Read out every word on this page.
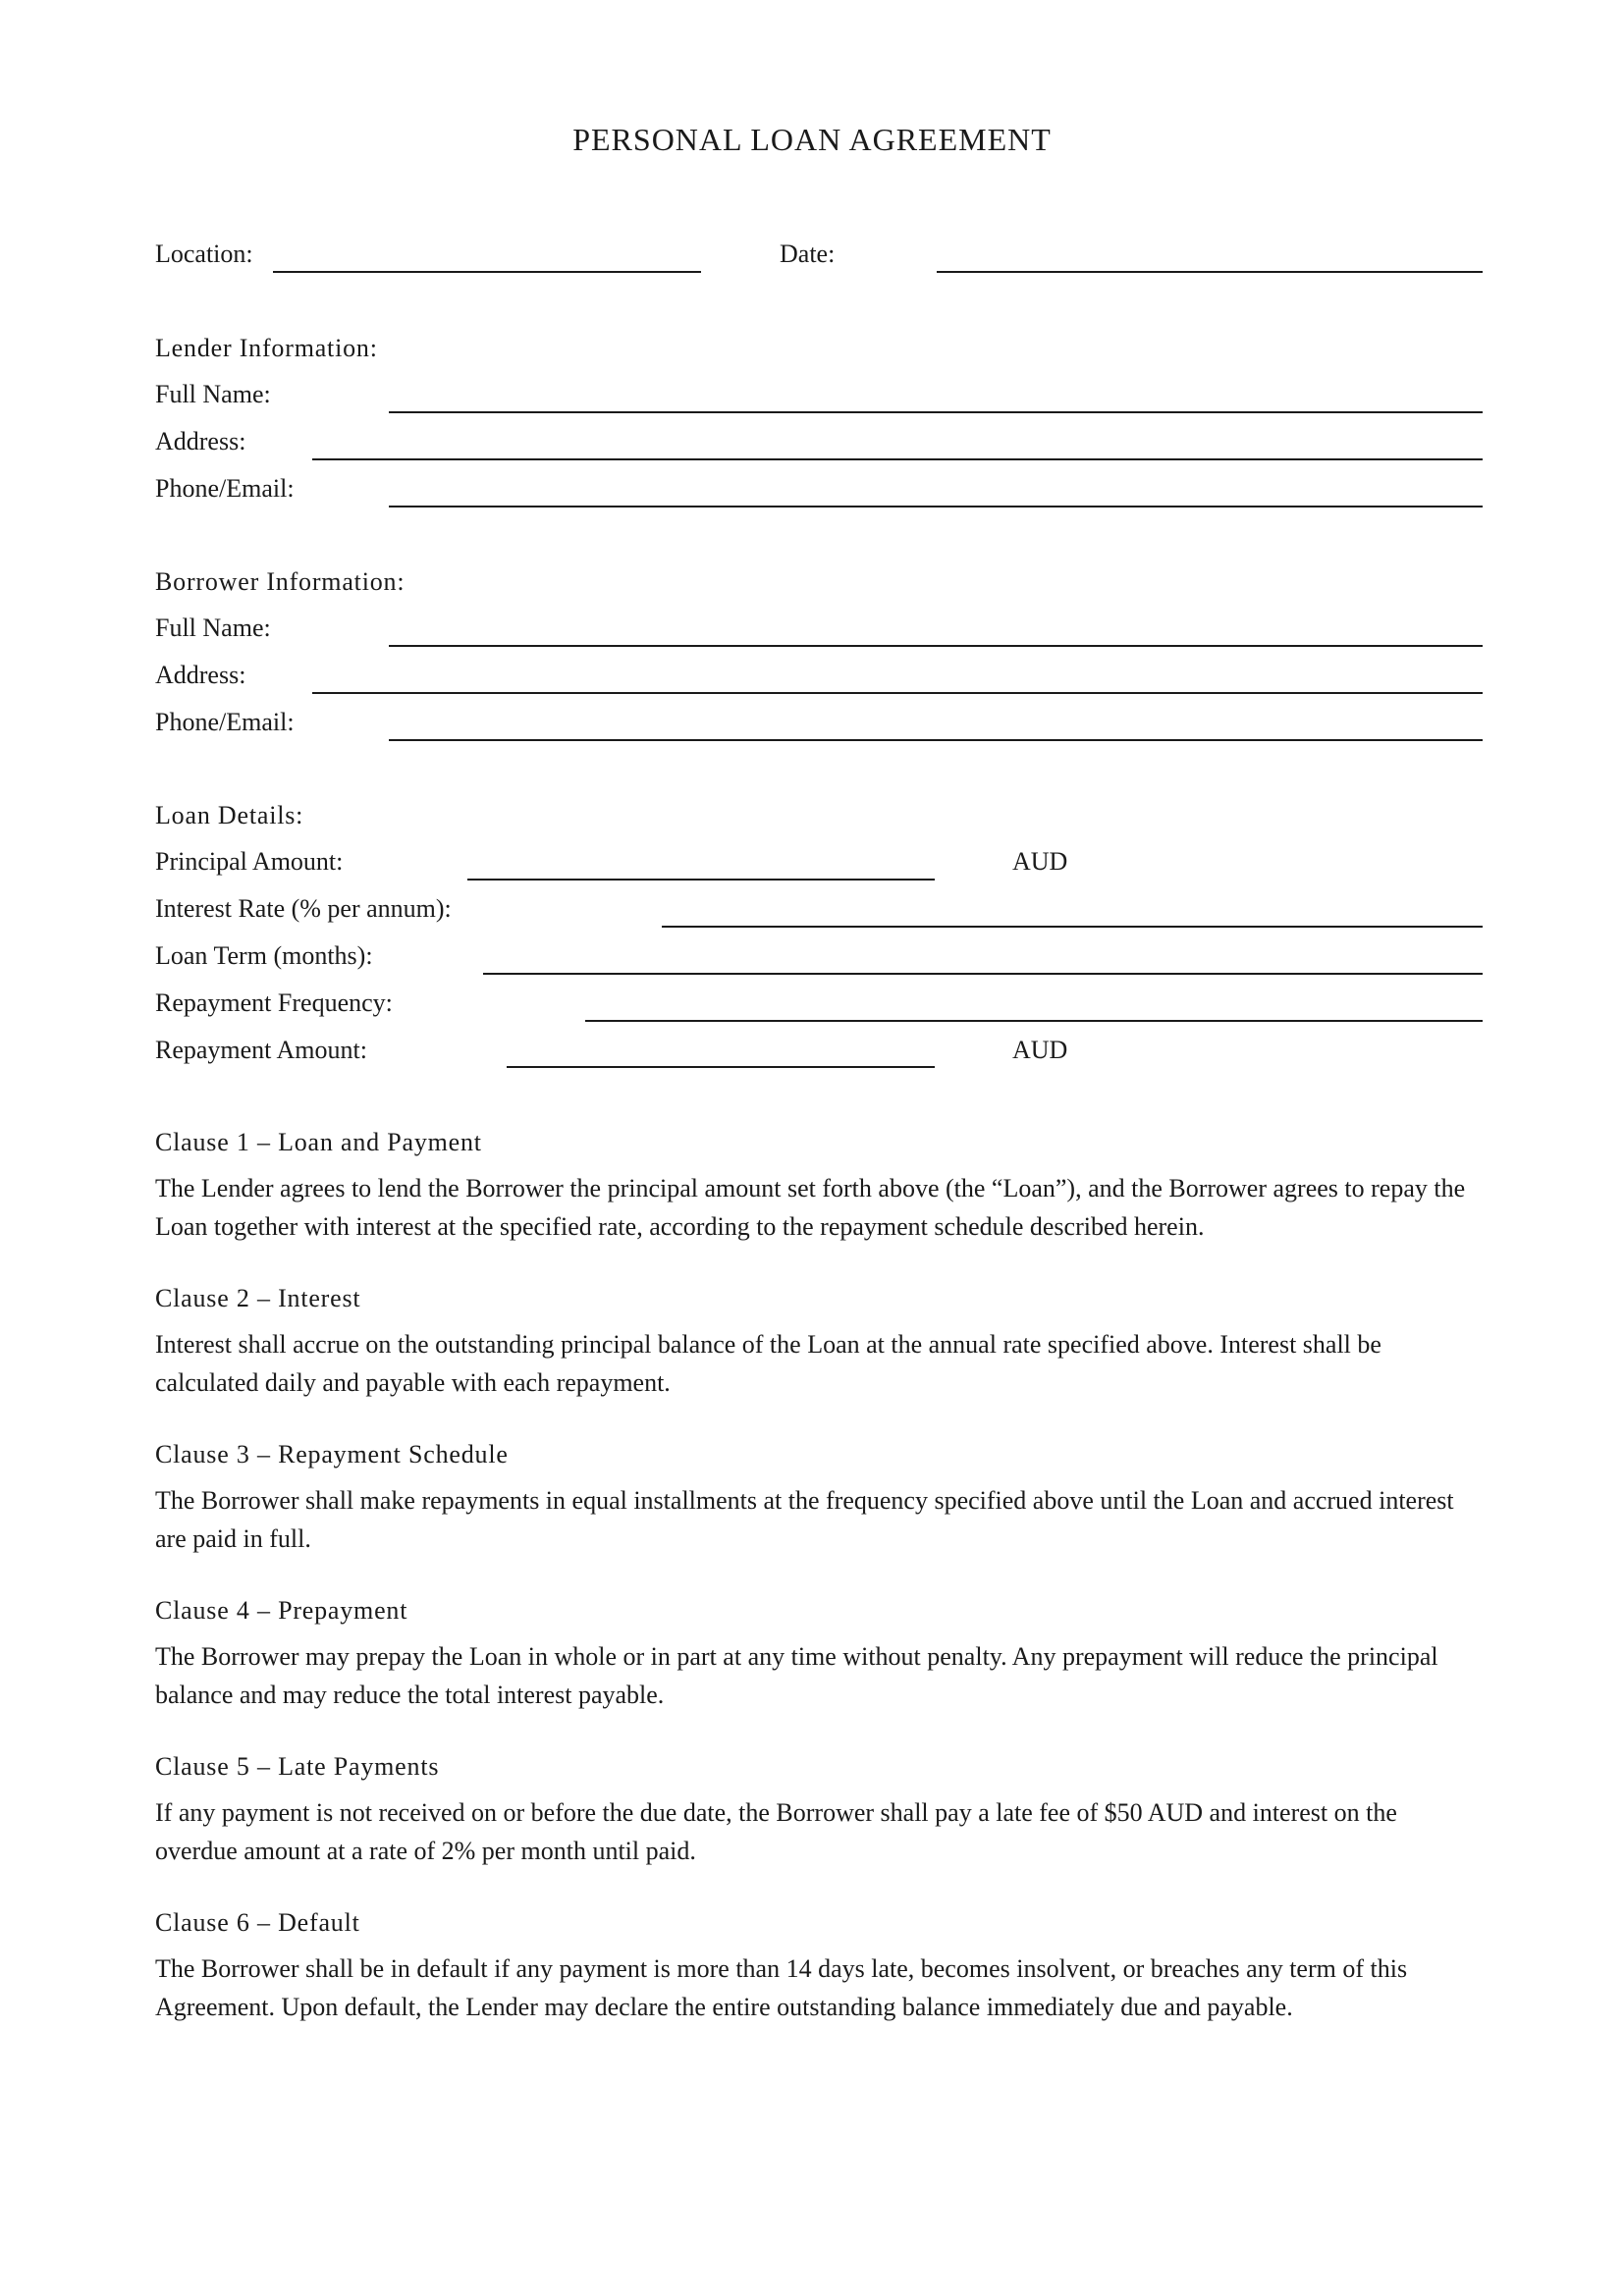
PERSONAL LOAN AGREEMENT
Location:	Date:
Lender Information:
Full Name:
Address:
Phone/Email:
Borrower Information:
Full Name:
Address:
Phone/Email:
Loan Details:
Principal Amount:	AUD
Interest Rate (% per annum):
Loan Term (months):
Repayment Frequency:
Repayment Amount:	AUD
Clause 1 – Loan and Payment
The Lender agrees to lend the Borrower the principal amount set forth above (the “Loan”), and the Borrower agrees to repay the Loan together with interest at the specified rate, according to the repayment schedule described herein.
Clause 2 – Interest
Interest shall accrue on the outstanding principal balance of the Loan at the annual rate specified above. Interest shall be calculated daily and payable with each repayment.
Clause 3 – Repayment Schedule
The Borrower shall make repayments in equal installments at the frequency specified above until the Loan and accrued interest are paid in full.
Clause 4 – Prepayment
The Borrower may prepay the Loan in whole or in part at any time without penalty. Any prepayment will reduce the principal balance and may reduce the total interest payable.
Clause 5 – Late Payments
If any payment is not received on or before the due date, the Borrower shall pay a late fee of $50 AUD and interest on the overdue amount at a rate of 2% per month until paid.
Clause 6 – Default
The Borrower shall be in default if any payment is more than 14 days late, becomes insolvent, or breaches any term of this Agreement. Upon default, the Lender may declare the entire outstanding balance immediately due and payable.
